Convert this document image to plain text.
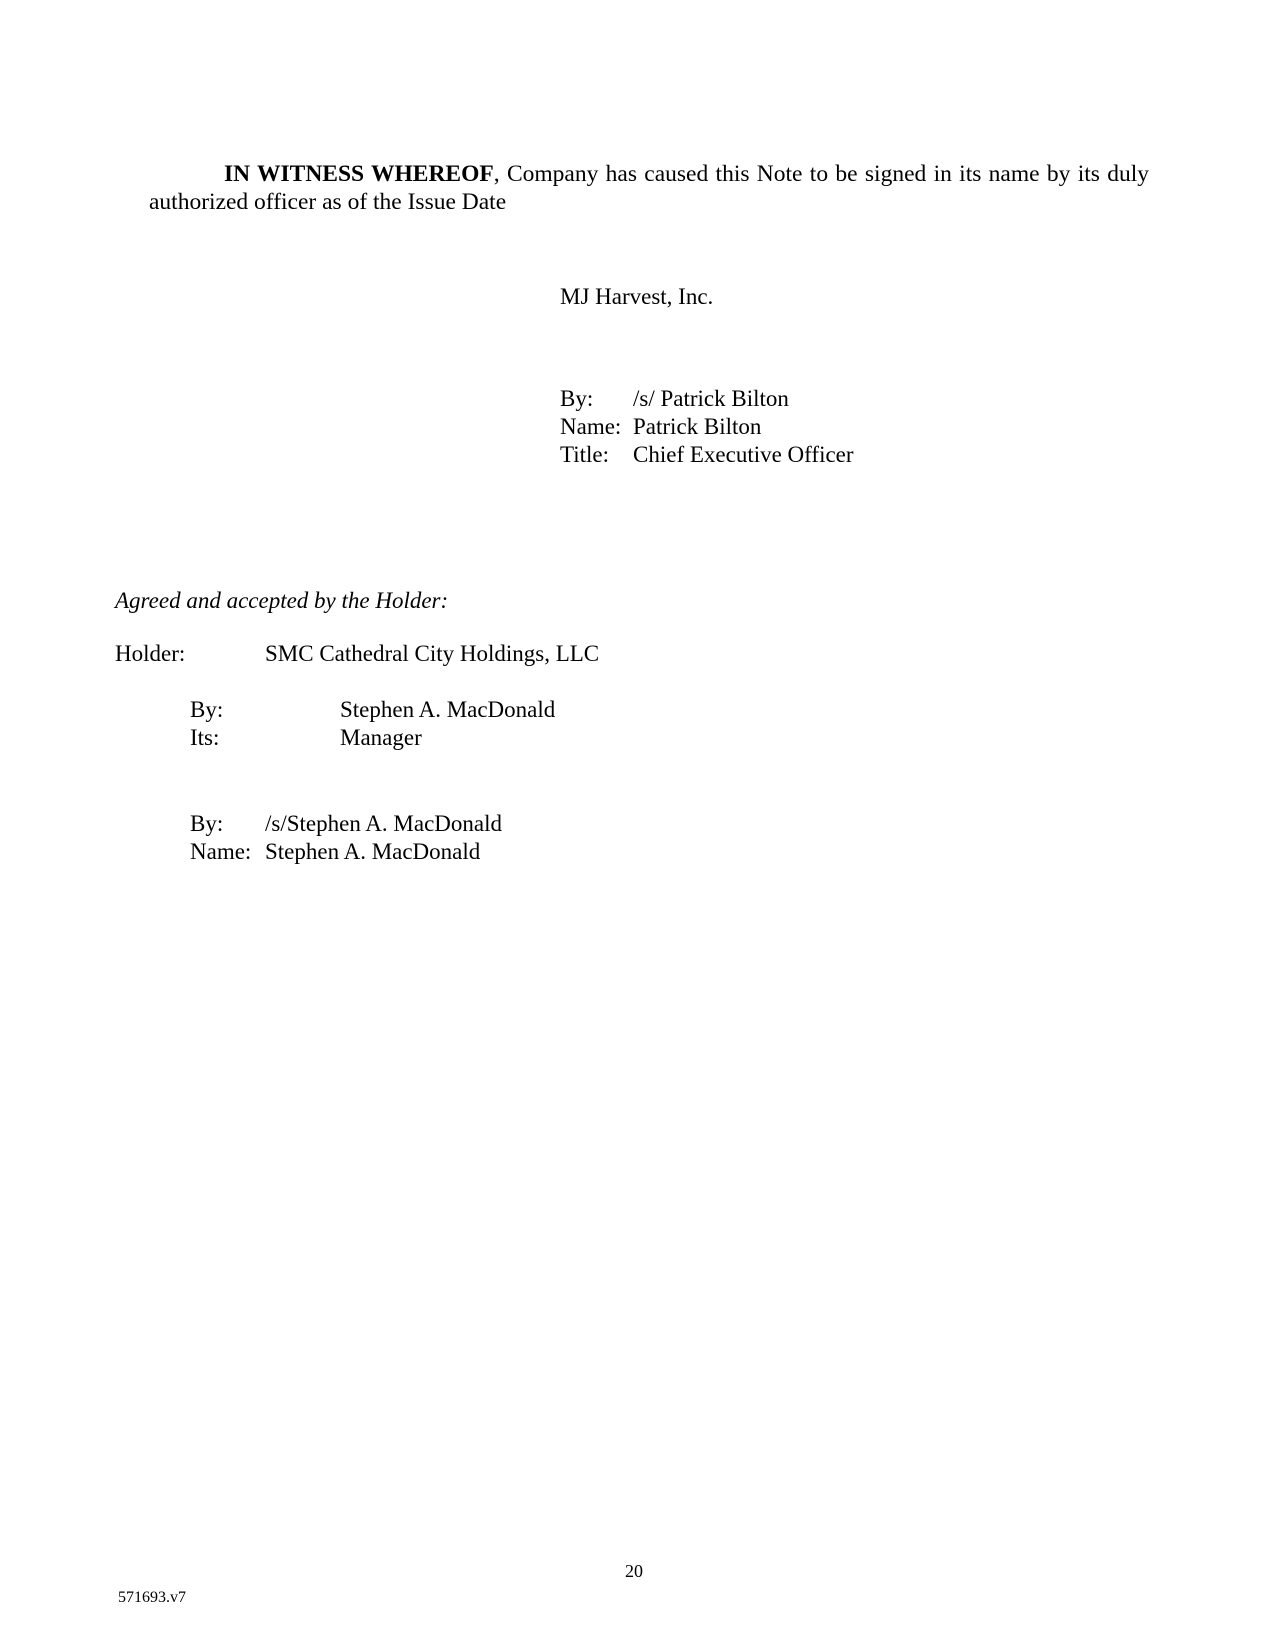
IN WITNESS WHEREOF, Company has caused this Note to be signed in its name by its duly authorized officer as of the Issue Date
MJ Harvest, Inc.
By: /s/ Patrick Bilton
Name: Patrick Bilton
Title: Chief Executive Officer
Agreed and accepted by the Holder:
Holder:	SMC Cathedral City Holdings, LLC
By:	Stephen A. MacDonald
Its:	Manager
By: /s/Stephen A. MacDonald
Name: Stephen A. MacDonald
20
571693.v7
